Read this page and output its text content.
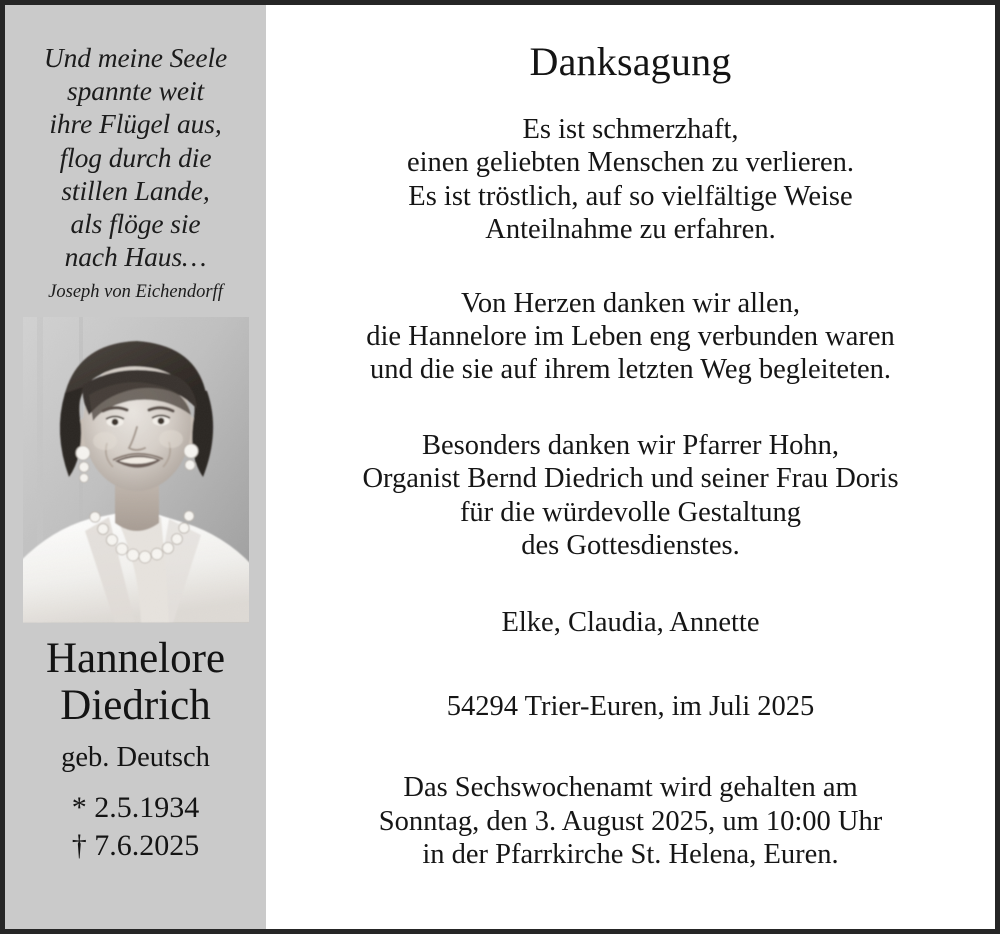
Und meine Seele
spannte weit
ihre Flügel aus,
flog durch die
stillen Lande,
als flöge sie
nach Haus…
Joseph von Eichendorff
Hannelore
Diedrich
geb. Deutsch
* 2.5.1934
† 7.6.2025
Danksagung
Es ist schmerzhaft,
einen geliebten Menschen zu verlieren.
Es ist tröstlich, auf so vielfältige Weise
Anteilnahme zu erfahren.
Von Herzen danken wir allen,
die Hannelore im Leben eng verbunden waren
und die sie auf ihrem letzten Weg begleiteten.
Besonders danken wir Pfarrer Hohn,
Organist Bernd Diedrich und seiner Frau Doris
für die würdevolle Gestaltung
des Gottesdienstes.
Elke, Claudia, Annette
54294 Trier-Euren, im Juli 2025
Das Sechswochenamt wird gehalten am
Sonntag, den 3. August 2025, um 10:00 Uhr
in der Pfarrkirche St. Helena, Euren.
